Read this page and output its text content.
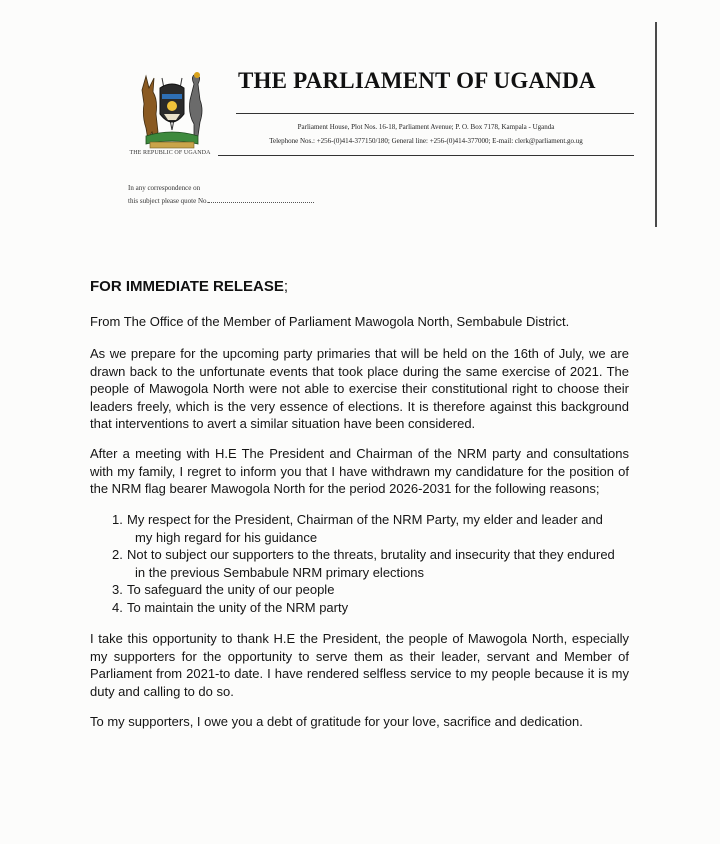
THE REPUBLIC OF UGANDA
THE PARLIAMENT OF UGANDA
Parliament House, Plot Nos. 16-18, Parliament Avenue; P. O. Box 7178, Kampala - Uganda
Telephone Nos.: +256-(0)414-377150/180; General line: +256-(0)414-377000; E-mail: clerk@parliament.go.ug
In any correspondence on
this subject please quote No.
FOR IMMEDIATE RELEASE;
From The Office of the Member of Parliament Mawogola North, Sembabule District.
As we prepare for the upcoming party primaries that will be held on the 16th of July, we are drawn back to the unfortunate events that took place during the same exercise of 2021. The people of Mawogola North were not able to exercise their constitutional right to choose their leaders freely, which is the very essence of elections. It is therefore against this background that interventions to avert a similar situation have been considered.
After a meeting with H.E The President and Chairman of the NRM party and consultations with my family, I regret to inform you that I have withdrawn my candidature for the position of the NRM flag bearer Mawogola North for the period 2026-2031 for the following reasons;
1. My respect for the President, Chairman of the NRM Party, my elder and leader and
my high regard for his guidance
2. Not to subject our supporters to the threats, brutality and insecurity that they endured
in the previous Sembabule NRM primary elections
3. To safeguard the unity of our people
4. To maintain the unity of the NRM party
I take this opportunity to thank H.E the President, the people of Mawogola North, especially my supporters for the opportunity to serve them as their leader, servant and Member of Parliament from 2021-to date. I have rendered selfless service to my people because it is my duty and calling to do so.
To my supporters, I owe you a debt of gratitude for your love, sacrifice and dedication.
